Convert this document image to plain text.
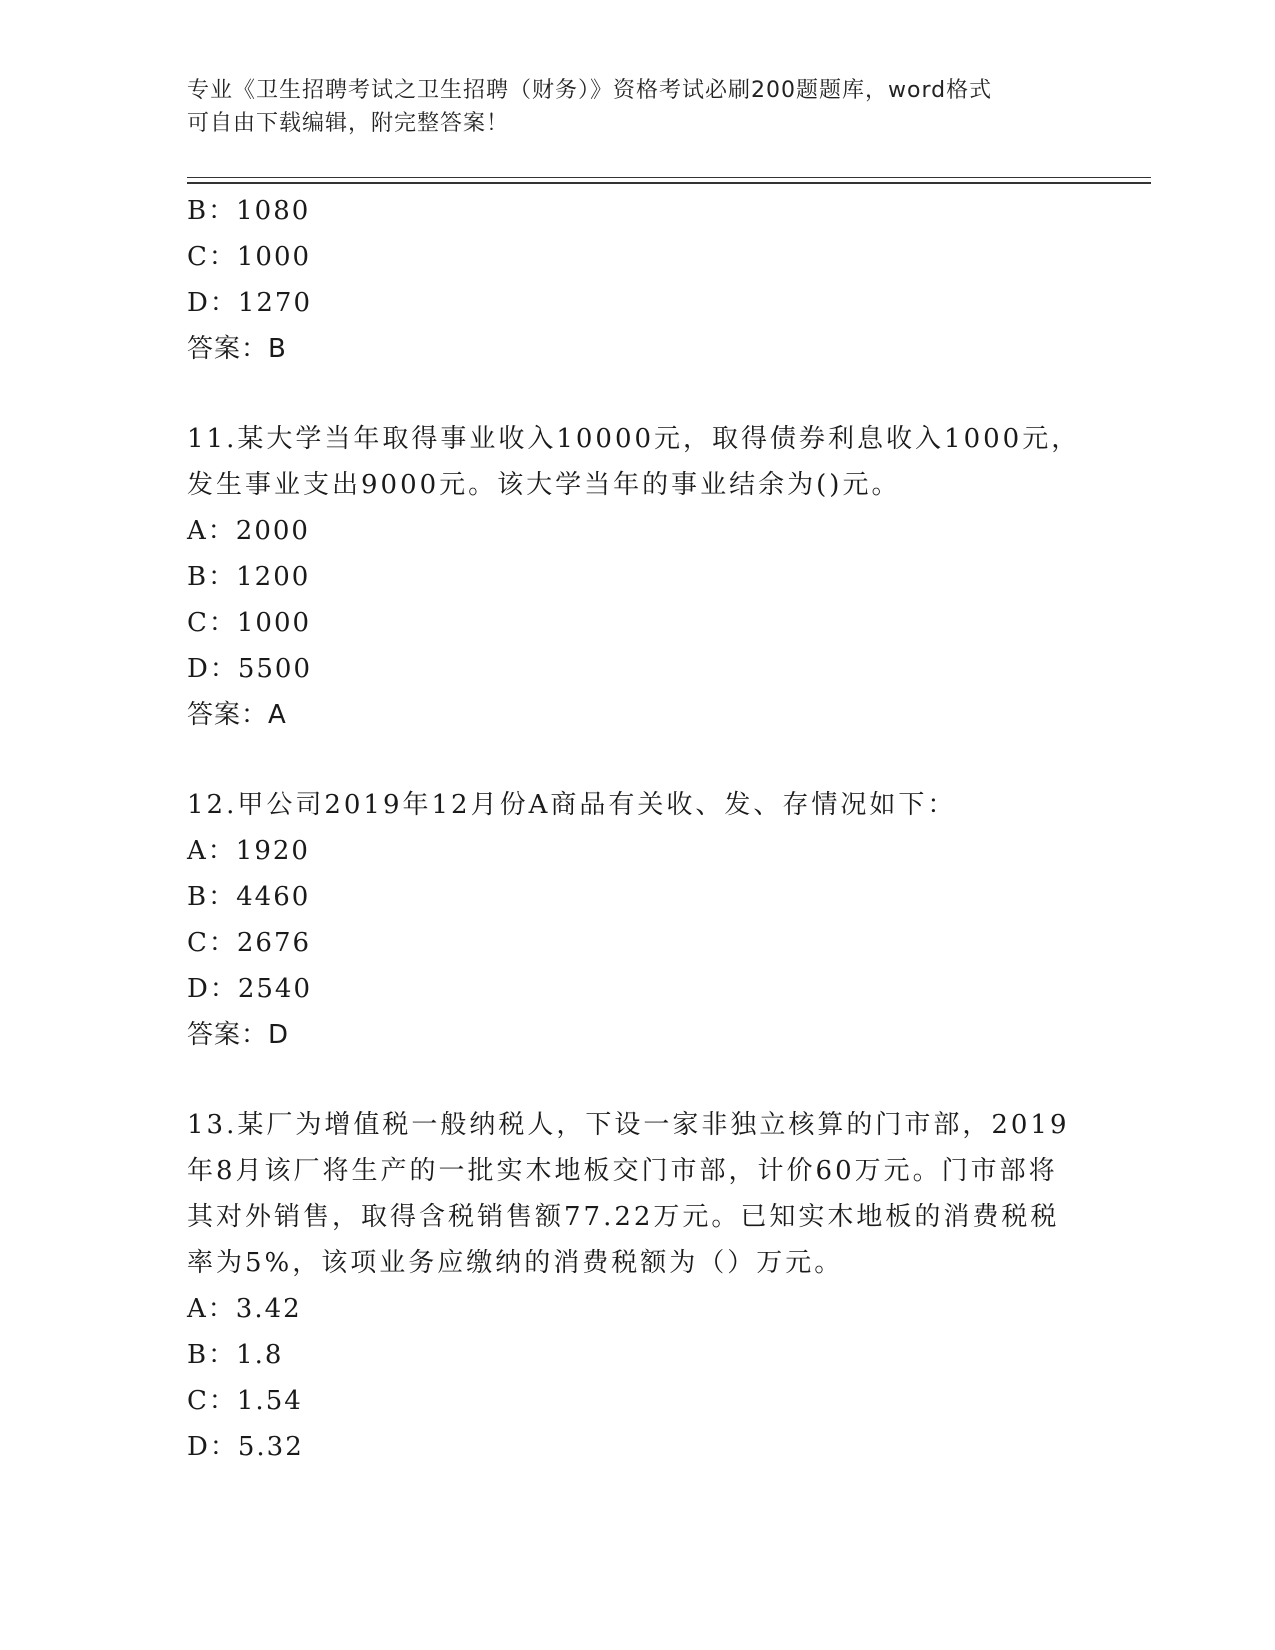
专业《卫生招聘考试之卫生招聘（财务）》资格考试必刷200题题库，word格式
可自由下载编辑，附完整答案！
B：1080
C：1000
D：1270
答案：B
11.某大学当年取得事业收入10000元，取得债券利息收入1000元，
发生事业支出9000元。该大学当年的事业结余为()元。
A：2000
B：1200
C：1000
D：5500
答案：A
12.甲公司2019年12月份A商品有关收、发、存情况如下：
A：1920
B：4460
C：2676
D：2540
答案：D
13.某厂为增值税一般纳税人，下设一家非独立核算的门市部，2019
年8月该厂将生产的一批实木地板交门市部，计价60万元。门市部将
其对外销售，取得含税销售额77.22万元。已知实木地板的消费税税
率为5%，该项业务应缴纳的消费税额为（）万元。
A：3.42
B：1.8
C：1.54
D：5.32
